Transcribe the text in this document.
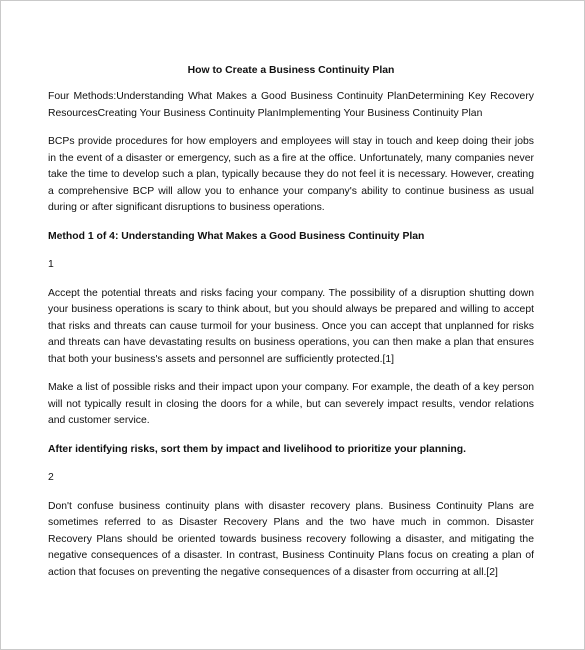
How to Create a Business Continuity Plan

Four Methods:Understanding What Makes a Good Business Continuity PlanDetermining Key Recovery ResourcesCreating Your Business Continuity PlanImplementing Your Business Continuity Plan

BCPs provide procedures for how employers and employees will stay in touch and keep doing their jobs in the event of a disaster or emergency, such as a fire at the office. Unfortunately, many companies never take the time to develop such a plan, typically because they do not feel it is necessary. However, creating a comprehensive BCP will allow you to enhance your company's ability to continue business as usual during or after significant disruptions to business operations.

Method 1 of 4: Understanding What Makes a Good Business Continuity Plan

1

Accept the potential threats and risks facing your company. The possibility of a disruption shutting down your business operations is scary to think about, but you should always be prepared and willing to accept that risks and threats can cause turmoil for your business. Once you can accept that unplanned for risks and threats can have devastating results on business operations, you can then make a plan that ensures that both your business's assets and personnel are sufficiently protected.[1]

Make a list of possible risks and their impact upon your company. For example, the death of a key person will not typically result in closing the doors for a while, but can severely impact results, vendor relations and customer service.

After identifying risks, sort them by impact and livelihood to prioritize your planning.

2

Don't confuse business continuity plans with disaster recovery plans. Business Continuity Plans are sometimes referred to as Disaster Recovery Plans and the two have much in common. Disaster Recovery Plans should be oriented towards business recovery following a disaster, and mitigating the negative consequences of a disaster. In contrast, Business Continuity Plans focus on creating a plan of action that focuses on preventing the negative consequences of a disaster from occurring at all.[2]
